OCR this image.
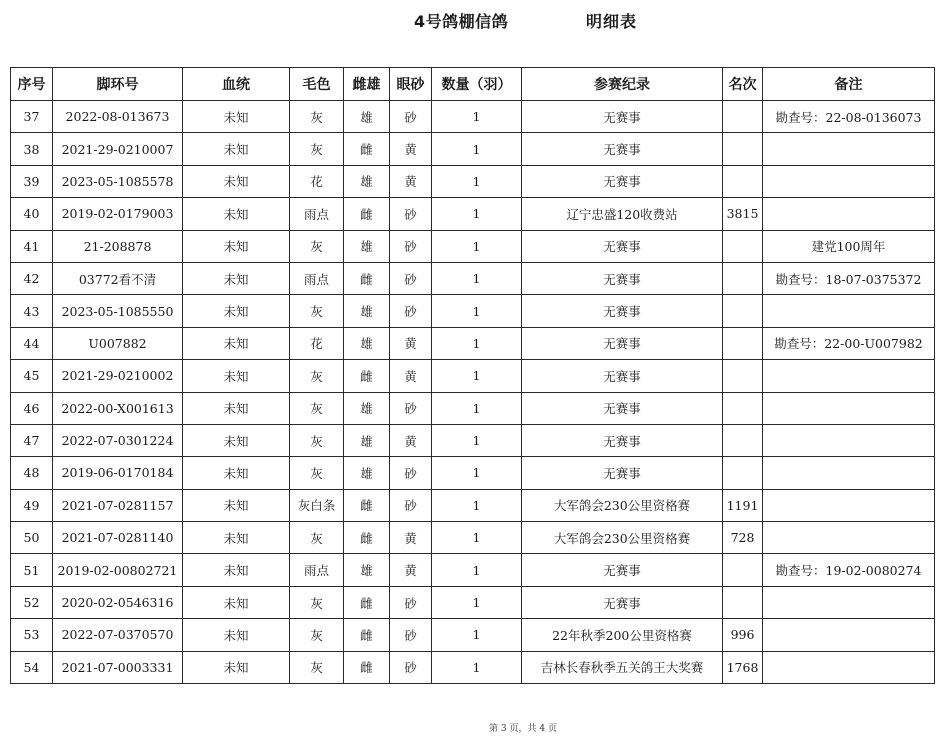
4号鸽棚信鸽	明细表
序号	脚环号	血统	毛色	雌雄	眼砂	数量（羽）	参赛纪录	名次	备注
37	2022-08-013673	未知	灰	雄	砂	1	无赛事		勘查号：22-08-0136073
38	2021-29-0210007	未知	灰	雌	黄	1	无赛事		
39	2023-05-1085578	未知	花	雄	黄	1	无赛事		
40	2019-02-0179003	未知	雨点	雌	砂	1	辽宁忠盛120收费站	3815	
41	21-208878	未知	灰	雄	砂	1	无赛事		建党100周年
42	03772看不清	未知	雨点	雌	砂	1	无赛事		勘查号：18-07-0375372
43	2023-05-1085550	未知	灰	雄	砂	1	无赛事		
44	U007882	未知	花	雄	黄	1	无赛事		勘查号：22-00-U007982
45	2021-29-0210002	未知	灰	雌	黄	1	无赛事		
46	2022-00-X001613	未知	灰	雄	砂	1	无赛事		
47	2022-07-0301224	未知	灰	雄	黄	1	无赛事		
48	2019-06-0170184	未知	灰	雄	砂	1	无赛事		
49	2021-07-0281157	未知	灰白条	雌	砂	1	大军鸽会230公里资格赛	1191	
50	2021-07-0281140	未知	灰	雌	黄	1	大军鸽会230公里资格赛	728	
51	2019-02-00802721	未知	雨点	雄	黄	1	无赛事		勘查号：19-02-0080274
52	2020-02-0546316	未知	灰	雌	砂	1	无赛事		
53	2022-07-0370570	未知	灰	雌	砂	1	22年秋季200公里资格赛	996	
54	2021-07-0003331	未知	灰	雌	砂	1	吉林长春秋季五关鸽王大奖赛	1768	
第 3 页，共 4 页
